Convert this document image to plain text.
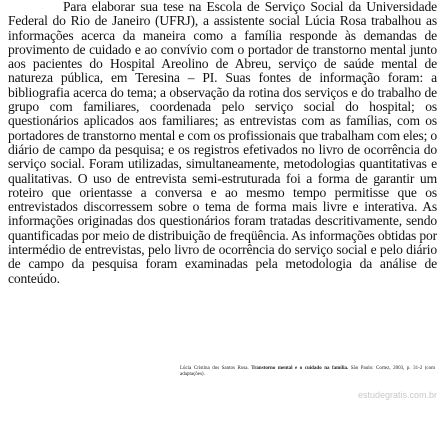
Para elaborar sua tese na Escola de Serviço Social da Universidade Federal do Rio de Janeiro (UFRJ), a assistente social Lúcia Rosa trabalhou as informações acerca da maneira como a família responde às demandas de provimento de cuidado e ao convívio com o portador de transtorno mental junto aos pacientes do Hospital Areolino de Abreu, serviço de saúde mental de natureza pública, em Teresina – PI. Suas fontes de informação foram: a bibliografia acerca do tema; a observação da rotina dos serviços e do trabalho de grupo com familiares, coordenada pelo serviço social do hospital; os questionários aplicados aos familiares; as entrevistas com as famílias, com os portadores de transtorno mental e com os profissionais que trabalham com eles; o diário de campo da pesquisa; e os registros efetivados no livro de ocorrência do serviço social. Foram utilizadas, simultaneamente, metodologias quantitativas e qualitativas. O uso de entrevista semi-estruturada foi a forma de garantir um roteiro que orientasse a conversa e ao mesmo tempo permitisse que os entrevistados discorressem sobre o tema de forma mais livre e interativa. As informações originadas dos questionários foram tratadas descritivamente, sendo quantificadas por meio de distribuição de freqüência. As informações obtidas por intermédio de entrevistas, pelo livro de ocorrência do serviço social e pelo diário de campo da pesquisa foram examinadas pela metodologia da análise de conteúdo.

Lúcia Cristina dos Santos Rosa. Transtorno mental e o cuidado na família. São Paulo: Cortez, 2003, p. 31-2 (com adaptações).
estudegratis.com.br
